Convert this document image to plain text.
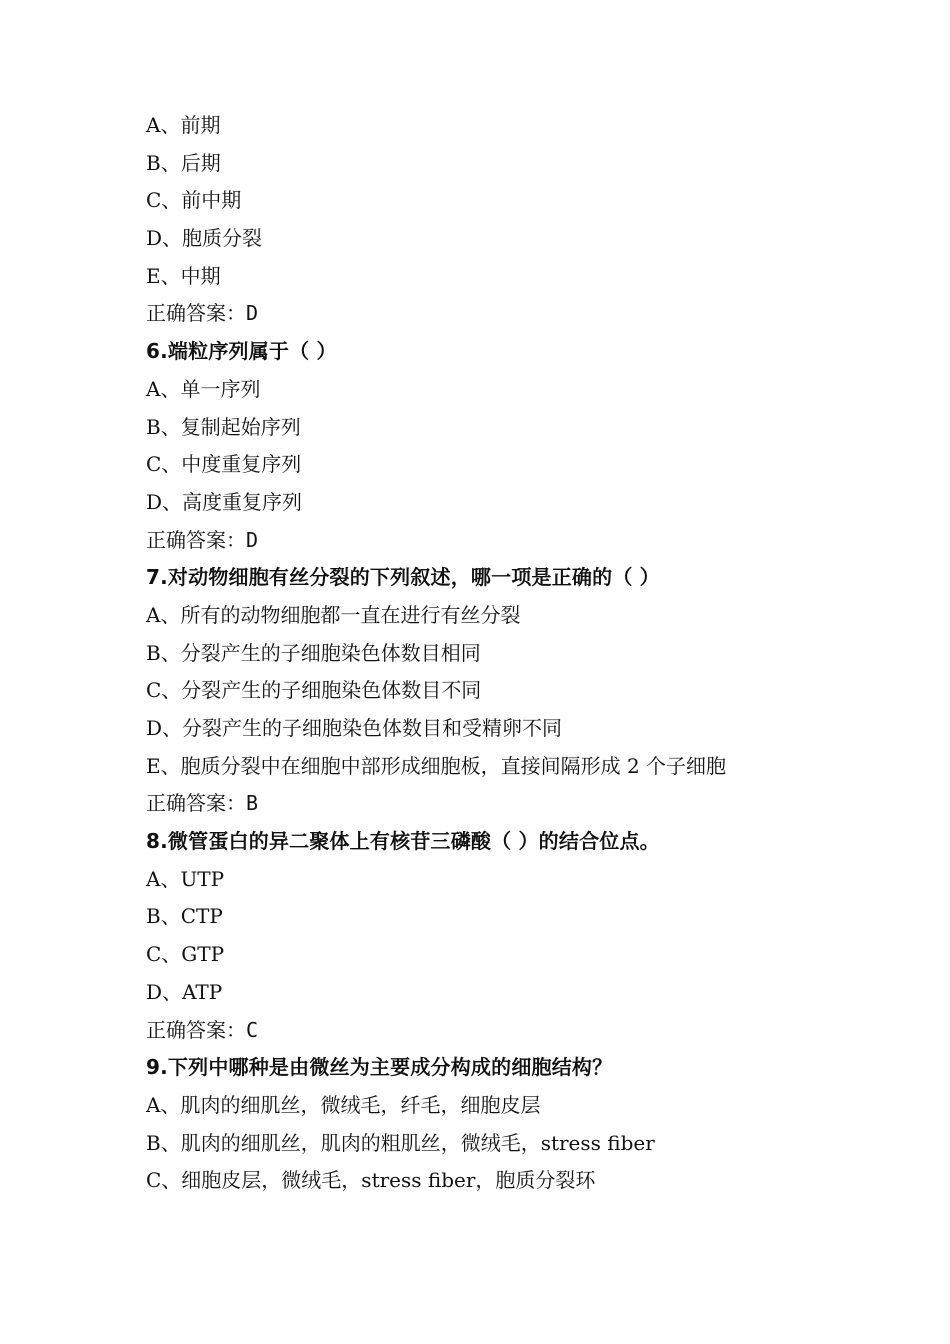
A、前期
B、后期
C、前中期
D、胞质分裂
E、中期
正确答案：D
6.端粒序列属于（ ）
A、单一序列
B、复制起始序列
C、中度重复序列
D、高度重复序列
正确答案：D
7.对动物细胞有丝分裂的下列叙述，哪一项是正确的（ ）
A、所有的动物细胞都一直在进行有丝分裂
B、分裂产生的子细胞染色体数目相同
C、分裂产生的子细胞染色体数目不同
D、分裂产生的子细胞染色体数目和受精卵不同
E、胞质分裂中在细胞中部形成细胞板，直接间隔形成 2 个子细胞
正确答案：B
8.微管蛋白的异二聚体上有核苷三磷酸（ ）的结合位点。
A、UTP
B、CTP
C、GTP
D、ATP
正确答案：C
9.下列中哪种是由微丝为主要成分构成的细胞结构？
A、肌肉的细肌丝，微绒毛，纤毛，细胞皮层
B、肌肉的细肌丝，肌肉的粗肌丝，微绒毛，stress fiber
C、细胞皮层，微绒毛，stress fiber，胞质分裂环
